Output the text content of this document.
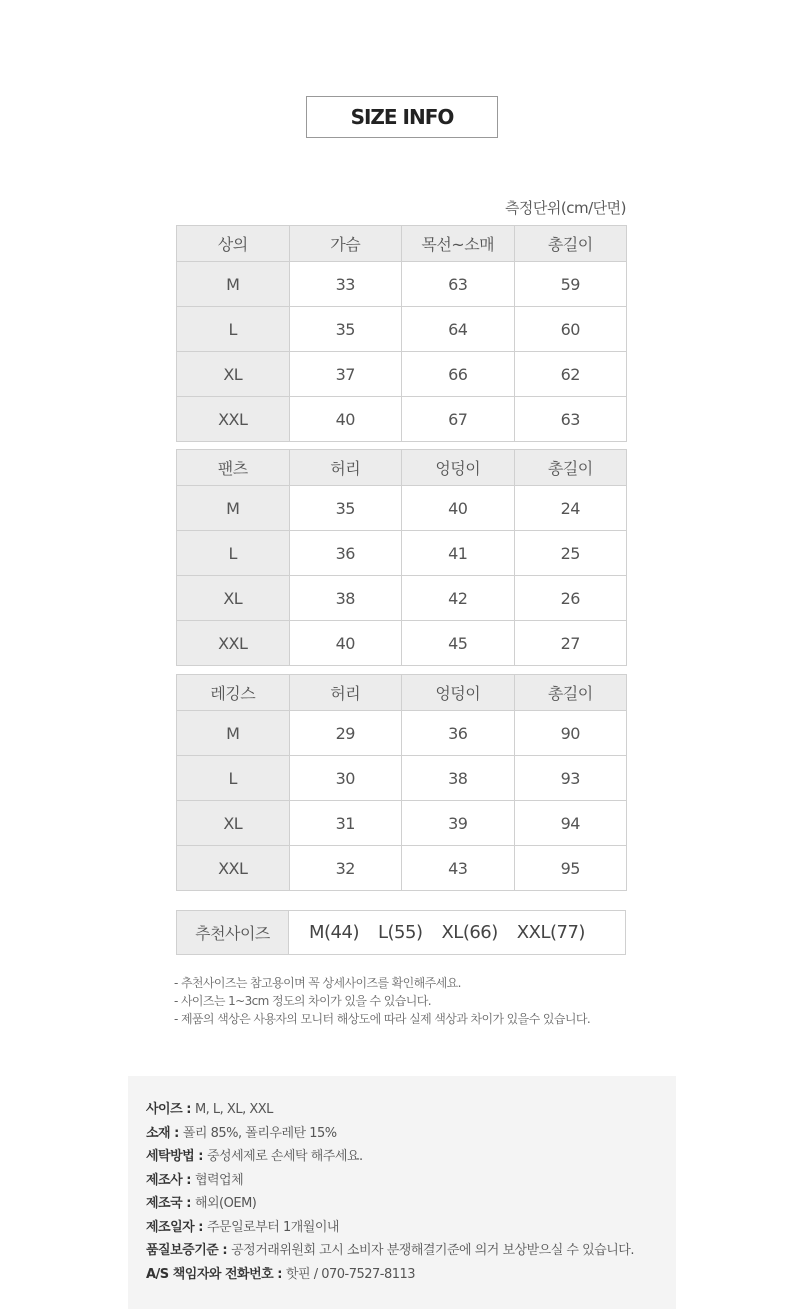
SIZE INFO
측정단위(cm/단면)
상의	가슴	목선~소매	총길이
M	33	63	59
L	35	64	60
XL	37	66	62
XXL	40	67	63
팬츠	허리	엉덩이	총길이
M	35	40	24
L	36	41	25
XL	38	42	26
XXL	40	45	27
레깅스	허리	엉덩이	총길이
M	29	36	90
L	30	38	93
XL	31	39	94
XXL	32	43	95
추천사이즈	M(44) L(55) XL(66) XXL(77)
- 추천사이즈는 참고용이며 꼭 상세사이즈를 확인해주세요.
- 사이즈는 1~3cm 정도의 차이가 있을 수 있습니다.
- 제품의 색상은 사용자의 모니터 해상도에 따라 실제 색상과 차이가 있을수 있습니다.
사이즈 : M, L, XL, XXL
소재 : 폴리 85%, 폴리우레탄 15%
세탁방법 : 중성세제로 손세탁 해주세요.
제조사 : 협력업체
제조국 : 해외(OEM)
제조일자 : 주문일로부터 1개월이내
품질보증기준 : 공정거래위원회 고시 소비자 분쟁해결기준에 의거 보상받으실 수 있습니다.
A/S 책임자와 전화번호 : 핫핀 / 070-7527-8113
